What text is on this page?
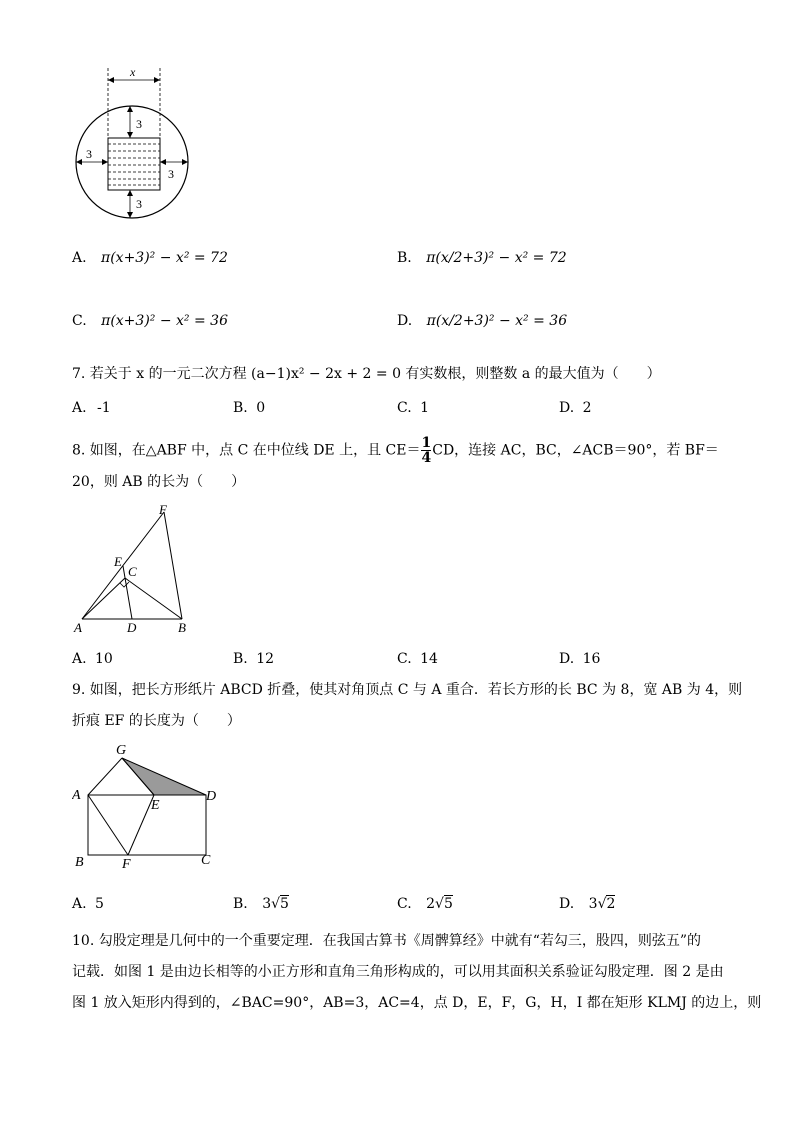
x
3
3
3
3
A. π(x+3)² − x² = 72	B. π(x/2+3)² − x² = 72
C. π(x+3)² − x² = 36	D. π(x/2+3)² − x² = 36
7. 若关于 x 的一元二次方程 (a−1)x² − 2x + 2 = 0 有实数根，则整数 a 的最大值为（　　）
A. -1	B. 0	C. 1	D. 2
8. 如图，在△ABF 中，点 C 在中位线 DE 上，且 $CE= \frac{1}{4}$ CD，连接 AC，BC，∠ACB＝90°，若 BF＝
20，则 AB 的长为（　　）
A	D	B
E
C
F
A. 10	B. 12	C. 14	D. 16
9. 如图，把长方形纸片 ABCD 折叠，使其对角顶点 C 与 A 重合．若长方形的长 BC 为 8，宽 AB 为 4，则
折痕 EF 的长度为（　　）
G
A
E
D
B	F	C
A. 5	B. 3√5	C. 2√5	D. 3√2
10. 勾股定理是几何中的一个重要定理．在我国古算书《周髀算经》中就有“若勾三，股四，则弦五”的
记载．如图 1 是由边长相等的小正方形和直角三角形构成的，可以用其面积关系验证勾股定理．图 2 是由
图 1 放入矩形内得到的，∠BAC=90°，AB=3，AC=4，点 D，E，F，G，H，I 都在矩形 KLMJ 的边上，则
